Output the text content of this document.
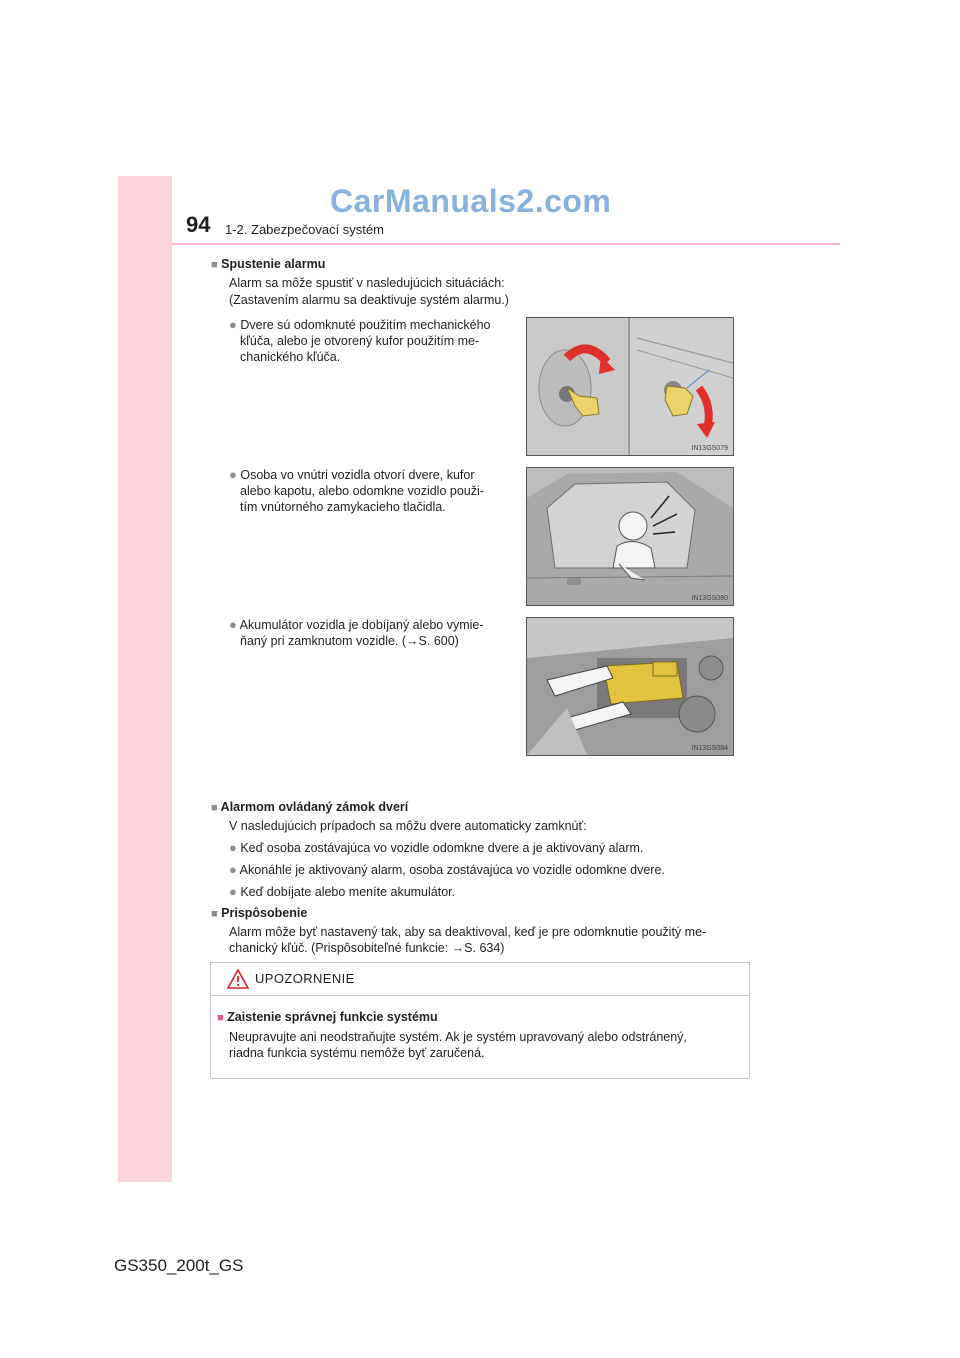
94 1-2. Zabezpečovací systém
CarManuals2.com
■ Spustenie alarmu
Alarm sa môže spustiť v nasledujúcich situáciách:
(Zastavením alarmu sa deaktivuje systém alarmu.)
● Dvere sú odomknuté použitím mechanického
kľúča, alebo je otvorený kufor použitím me-
chanického kľúča.
IN13GS079
● Osoba vo vnútri vozidla otvorí dvere, kufor
alebo kapotu, alebo odomkne vozidlo použi-
tím vnútorného zamykacieho tlačidla.
IN13GS080
● Akumulátor vozidla je dobíjaný alebo vymie-
ňaný pri zamknutom vozidle. (→S. 600)
IN13GS084
■ Alarmom ovládaný zámok dverí
V nasledujúcich prípadoch sa môžu dvere automaticky zamknúť:
● Keď osoba zostávajúca vo vozidle odomkne dvere a je aktivovaný alarm.
● Akonáhle je aktivovaný alarm, osoba zostávajúca vo vozidle odomkne dvere.
● Keď dobíjate alebo meníte akumulátor.
■ Prispôsobenie
Alarm môže byť nastavený tak, aby sa deaktivoval, keď je pre odomknutie použitý me-
chanický kľúč. (Prispôsobiteľné funkcie: →S. 634)
UPOZORNENIE
■ Zaistenie správnej funkcie systému
Neupravujte ani neodstraňujte systém. Ak je systém upravovaný alebo odstránený,
riadna funkcia systému nemôže byť zaručená.
GS350_200t_GS
